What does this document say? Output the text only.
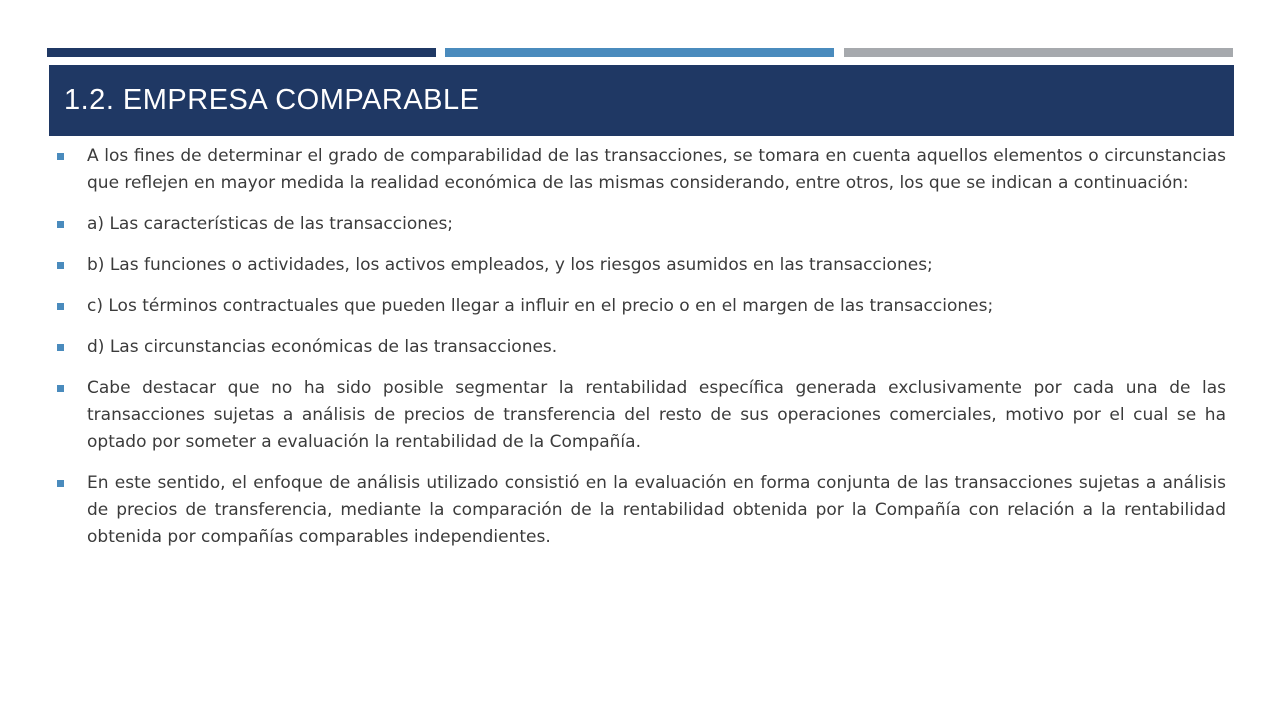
1.2. EMPRESA COMPARABLE
A los fines de determinar el grado de comparabilidad de las transacciones, se tomara en cuenta aquellos elementos o circunstancias que reflejen en mayor medida la realidad económica de las mismas considerando, entre otros, los que se indican a continuación:
a) Las características de las transacciones;
b) Las funciones o actividades, los activos empleados, y los riesgos asumidos en las transacciones;
c) Los términos contractuales que pueden llegar a influir en el precio o en el margen de las transacciones;
d) Las circunstancias económicas de las transacciones.
Cabe destacar que no ha sido posible segmentar la rentabilidad específica generada exclusivamente por cada una de las transacciones sujetas a análisis de precios de transferencia del resto de sus operaciones comerciales, motivo por el cual se ha optado por someter a evaluación la rentabilidad de la Compañía.
En este sentido, el enfoque de análisis utilizado consistió en la evaluación en forma conjunta de las transacciones sujetas a análisis de precios de transferencia, mediante la comparación de la rentabilidad obtenida por la Compañía con relación a la rentabilidad obtenida por compañías comparables independientes.
